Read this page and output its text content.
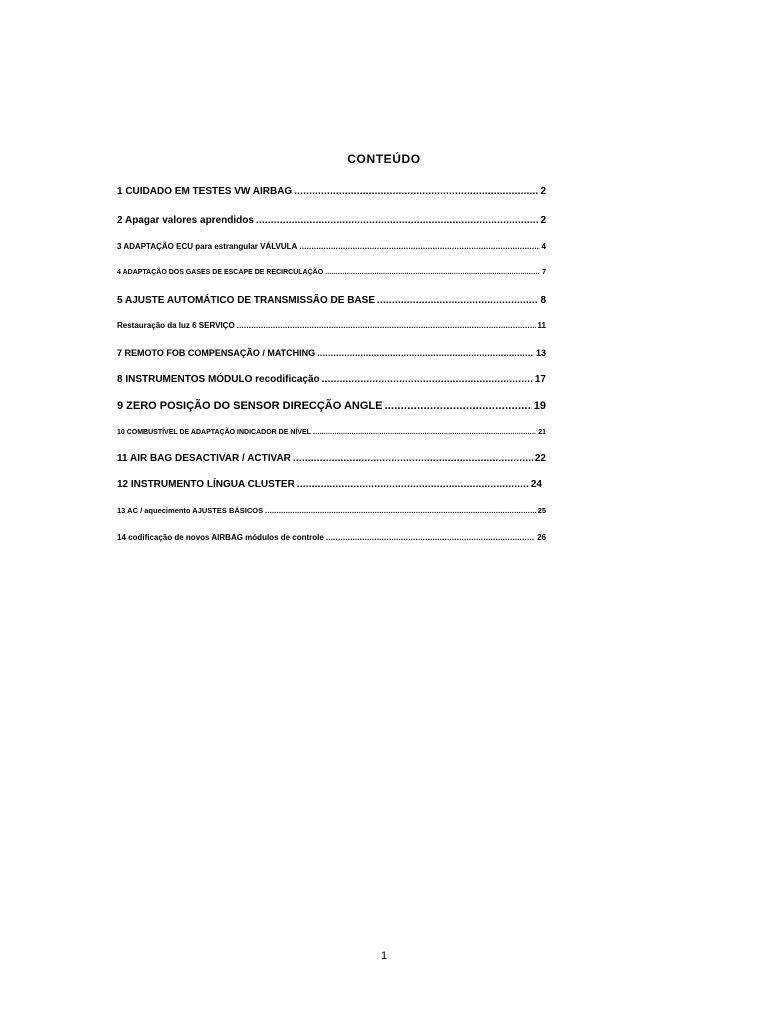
CONTEÚDO
1 CUIDADO EM TESTES VW AIRBAG .....	2
2 Apagar valores aprendidos .....	2
3 ADAPTAÇÃO ECU para estrangular VÁLVULA .....	4
4 ADAPTAÇÃO DOS GASES DE ESCAPE DE RECIRCULAÇÃO .....	7
5 AJUSTE AUTOMÁTICO DE TRANSMISSÃO DE BASE .....	8
Restauração da luz 6 SERVIÇO .....	11
7 REMOTO FOB COMPENSAÇÃO / MATCHING .....	13
8 INSTRUMENTOS MÓDULO recodificação .....	17
9 ZERO POSIÇÃO DO SENSOR DIRECÇÃO ANGLE .....	19
10 COMBUSTÍVEL DE ADAPTAÇÃO INDICADOR DE NÍVEL .....	21
11 AIR BAG DESACTIVAR / ACTIVAR .....	22
12 INSTRUMENTO LÍNGUA CLUSTER .....	24
13 AC / aquecimento AJUSTES BÁSICOS .....	25
14 codificação de novos AIRBAG módulos de controle .....	26
1
